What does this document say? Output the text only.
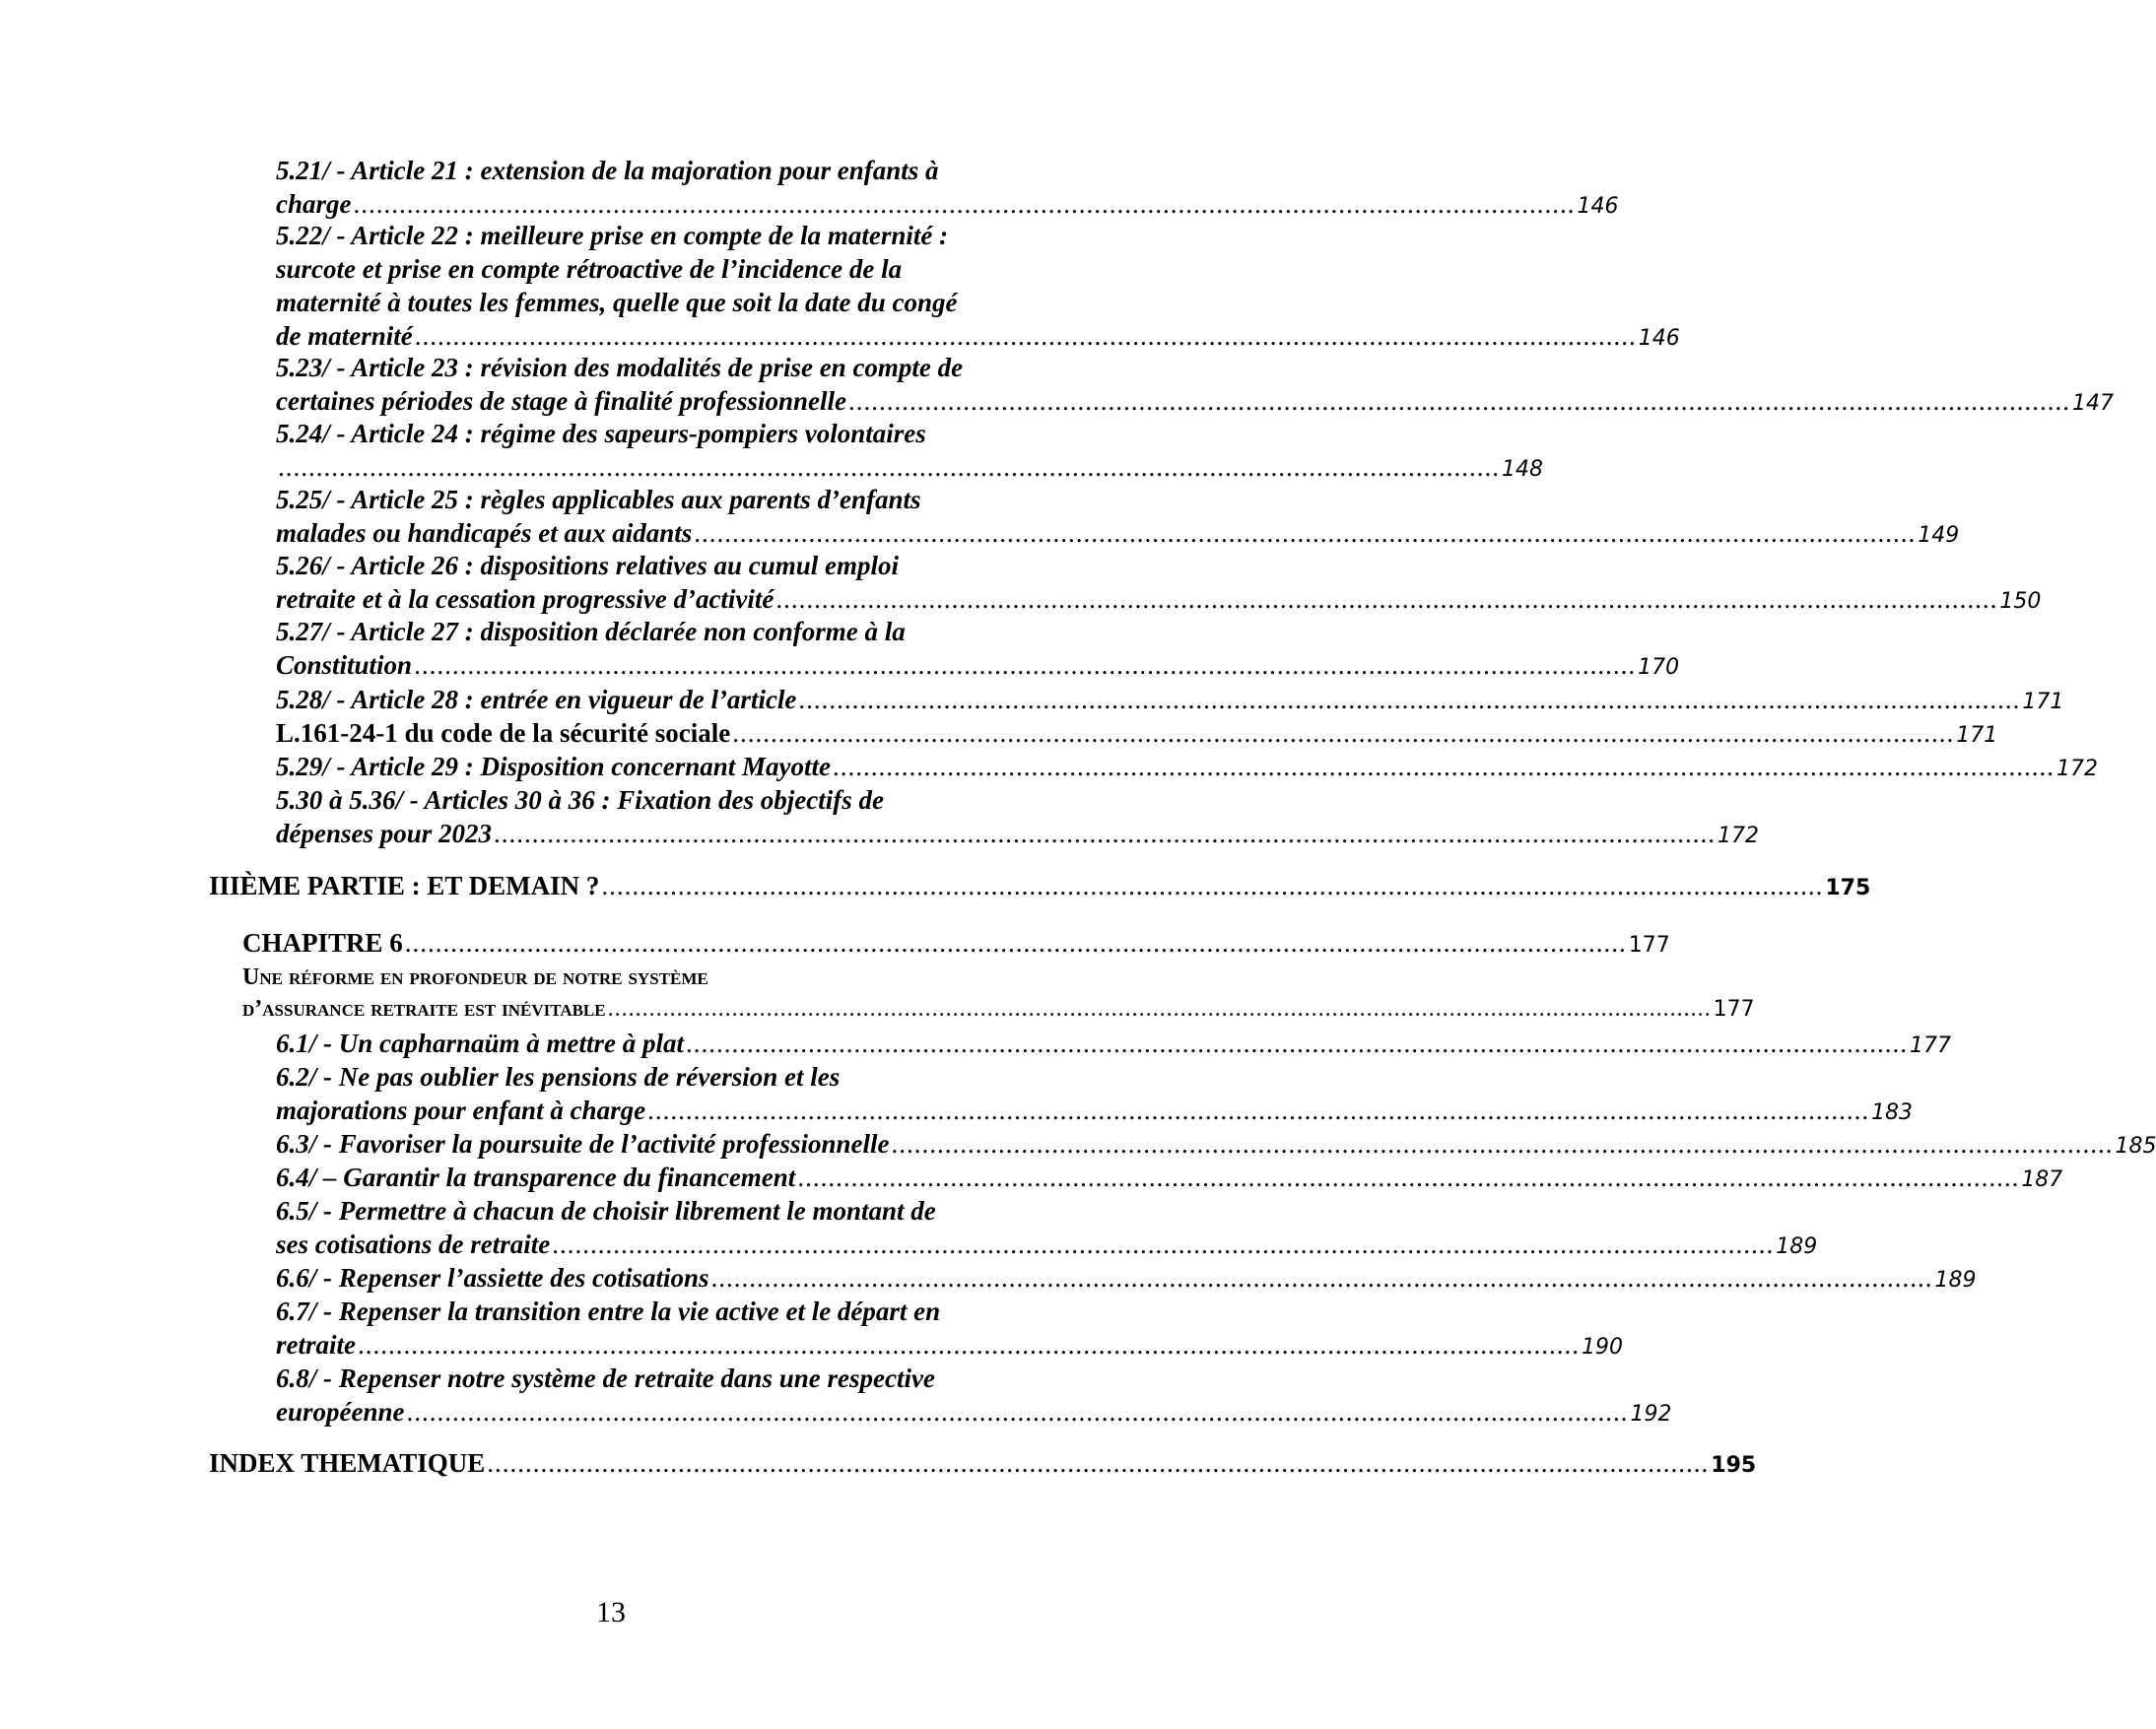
5.21/ - Article 21 : extension de la majoration pour enfants à
charge ................................................................................................................................................................ 146
5.22/ - Article 22 : meilleure prise en compte de la maternité :
surcote et prise en compte rétroactive de l’incidence de la
maternité à toutes les femmes, quelle que soit la date du congé
de maternité ................................................................................................................................................................ 146
5.23/ - Article 23 : révision des modalités de prise en compte de
certaines périodes de stage à finalité professionnelle ................................................................................................................................................................ 147
5.24/ - Article 24 : régime des sapeurs-pompiers volontaires
................................................................................................................................................................ 148
5.25/ - Article 25 : règles applicables aux parents d’enfants
malades ou handicapés et aux aidants ................................................................................................................................................................ 149
5.26/ - Article 26 : dispositions relatives au cumul emploi
retraite et à la cessation progressive d’activité ................................................................................................................................................................ 150
5.27/ - Article 27 : disposition déclarée non conforme à la
Constitution ................................................................................................................................................................ 170
5.28/ - Article 28 : entrée en vigueur de l’article ................................................................................................................................................................ 171
L.161-24-1 du code de la sécurité sociale ................................................................................................................................................................ 171
5.29/ - Article 29 : Disposition concernant Mayotte ................................................................................................................................................................ 172
5.30 à 5.36/ - Articles 30 à 36 : Fixation des objectifs de
dépenses pour 2023 ................................................................................................................................................................ 172
IIIÈME PARTIE : ET DEMAIN ? ................................................................................................................................................................ 175
CHAPITRE 6 ................................................................................................................................................................ 177
Une réforme en profondeur de notre système
d’assurance retraite est inévitable ................................................................................................................................................................ 177
6.1/ - Un capharnaüm à mettre à plat ................................................................................................................................................................ 177
6.2/ - Ne pas oublier les pensions de réversion et les
majorations pour enfant à charge ................................................................................................................................................................ 183
6.3/ - Favoriser la poursuite de l’activité professionnelle ................................................................................................................................................................ 185
6.4/ – Garantir la transparence du financement ................................................................................................................................................................ 187
6.5/ - Permettre à chacun de choisir librement le montant de
ses cotisations de retraite ................................................................................................................................................................ 189
6.6/ - Repenser l’assiette des cotisations ................................................................................................................................................................ 189
6.7/ - Repenser la transition entre la vie active et le départ en
retraite ................................................................................................................................................................ 190
6.8/ - Repenser notre système de retraite dans une respective
européenne ................................................................................................................................................................ 192
INDEX THEMATIQUE ................................................................................................................................................................ 195
13
